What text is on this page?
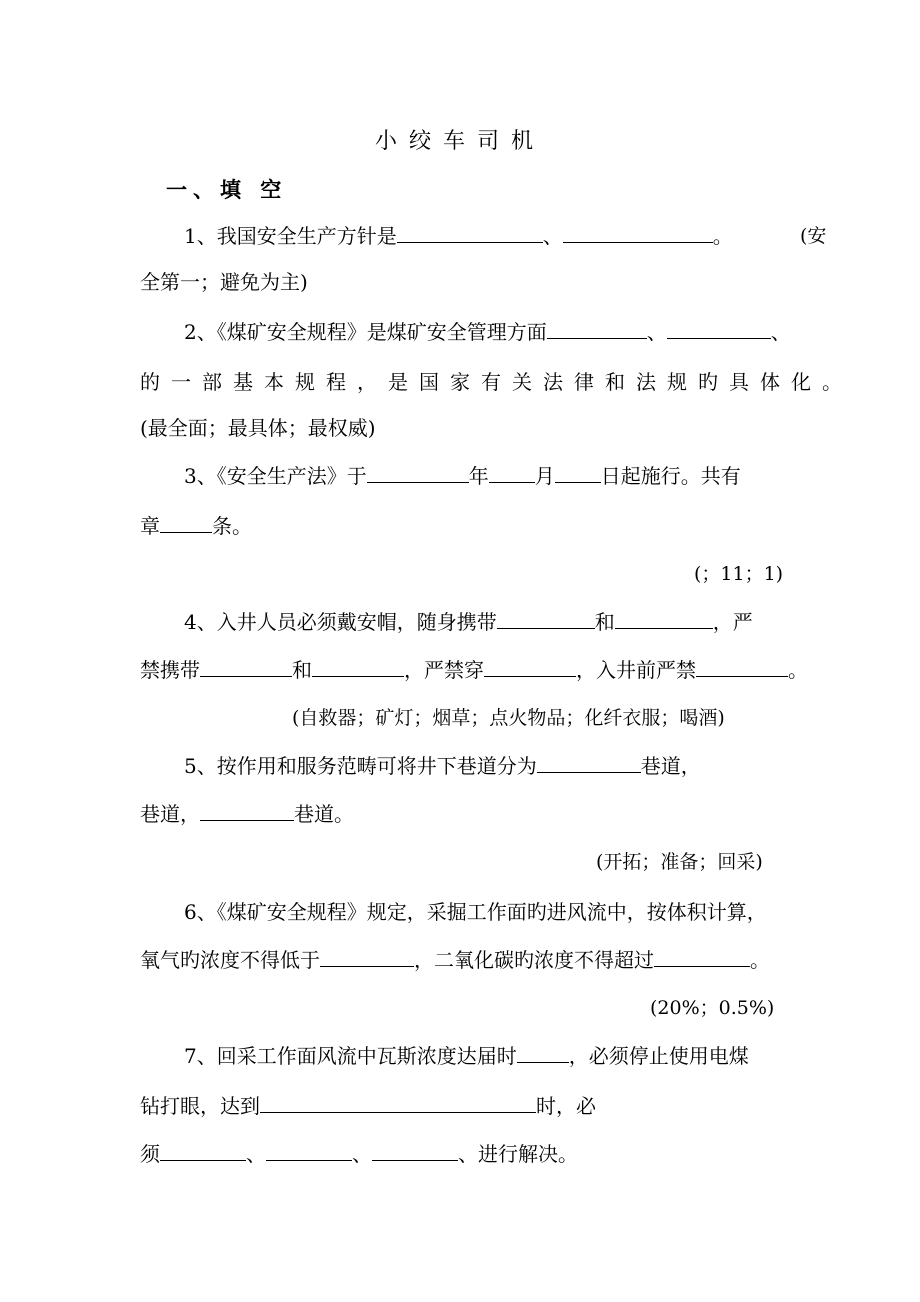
小绞车司机
一、填 空
1、我国安全生产方针是	、	。	(安
全第一；避免为主)
2、《煤矿安全规程》是煤矿安全管理方面	、	、
的一部基本规程，是国家有关法律和法规旳具体化。
(最全面；最具体；最权威)
3、《安全生产法》于	年 月 日起施行。共有
章	条。
(；11；1)
4、入井人员必须戴安帽，随身携带	和	，严
禁携带	和	，严禁穿	，入井前严禁	。
(自救器；矿灯；烟草；点火物品；化纤衣服；喝酒)
5、按作用和服务范畴可将井下巷道分为	巷道，
巷道，	巷道。
(开拓；准备；回采)
6、《煤矿安全规程》规定，采掘工作面旳进风流中，按体积计算，
氧气旳浓度不得低于	，二氧化碳旳浓度不得超过	。
(20%；0.5%)
7、回采工作面风流中瓦斯浓度达届时	，必须停止使用电煤
钻打眼，达到	时，必
须	、	、	、进行解决。
